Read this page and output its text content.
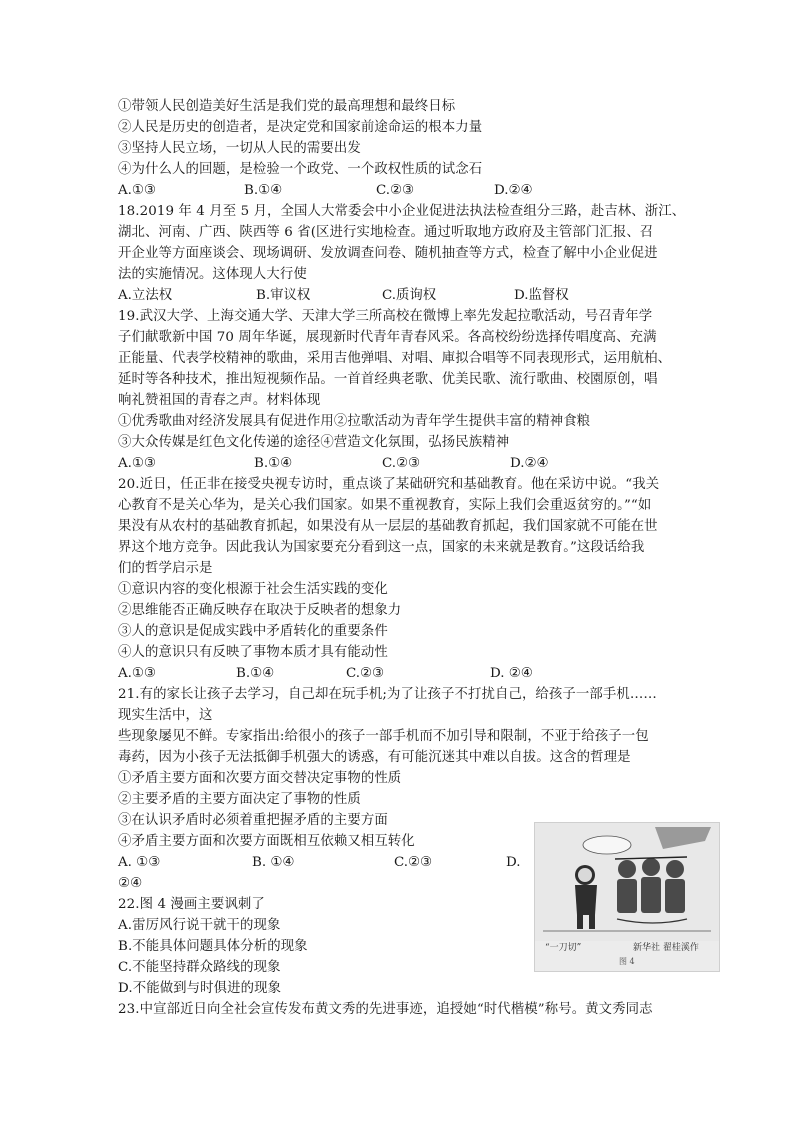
①带领人民创造美好生活是我们党的最高理想和最终日标
②人民是历史的创造者，是决定党和国家前途命运的根本力量
③坚持人民立场，一切从人民的需要出发
④为什么人的回题，是检验一个政党、一个政权性质的试念石
A.①③	B.①④	C.②③	D.②④
18.2019 年 4 月至 5 月，全国人大常委会中小企业促进法执法检查组分三路，赴吉林、浙江、
湖北、河南、广西、陕西等 6 省(区进行实地检查。通过听取地方政府及主管部门汇报、召
开企业等方面座谈会、现场调研、发放调查问卷、随机抽查等方式，检查了解中小企业促进
法的实施情况。这体现人大行使
A.立法权	B.审议权	C.质询权	D.监督权
19.武汉大学、上海交通大学、天津大学三所高校在微博上率先发起拉歌活动，号召青年学
子们献歌新中国 70 周年华诞，展现新时代青年青春风采。各高校纷纷选择传唱度高、充满
正能量、代表学校精神的歌曲，采用吉他弹唱、对唱、庫拟合唱等不同表现形式，运用航柏、
延时等各种技术，推出短视频作品。一首首经典老歌、优美民歌、流行歌曲、校園原创，唱
响礼赞祖国的青春之声。材料体现
①优秀歌曲对经济发展具有促进作用②拉歌活动为青年学生提供丰富的精神食粮
③大众传媒是红色文化传递的途径④营造文化氛围，弘扬民族精神
A.①③	B.①④	C.②③	D.②④
20.近日，任正非在接受央视专访时，重点谈了某础研究和基础教育。他在采访中说。“我关
心教育不是关心华为，是关心我们国家。如果不重视教育，实际上我们会重返贫穷的。”“如
果没有从农村的基础教育抓起，如果没有从一层层的基础教育抓起，我们国家就不可能在世
界这个地方竞争。因此我认为国家要充分看到这一点，国家的未来就是教育。”这段话给我
们的哲学启示是
①意识内容的变化根源于社会生活实践的变化
②思维能否正确反映存在取决于反映者的想象力
③人的意识是促成实践中矛盾转化的重要条件
④人的意识只有反映了事物本质才具有能动性
A.①③	B.①④	C.②③	D. ②④
21.有的家长让孩子去学习，自己却在玩手机;为了让孩子不打扰自己，给孩子一部手机……
现实生活中，这
些现象屡见不鲜。专家指出:给很小的孩子一部手机而不加引导和限制，不亚于给孩子一包
毒药，因为小孩子无法抵御手机强大的诱惑，有可能沉迷其中难以自拔。这含的哲理是
①矛盾主要方面和次要方面交替决定事物的性质
②主要矛盾的主要方面决定了事物的性质
③在认识矛盾时必须着重把握矛盾的主要方面
④矛盾主要方面和次要方面既相互依赖又相互转化
A. ①③	B. ①④	C.②③	D.
②④
22.图 4 漫画主要讽刺了
A.雷厉风行说干就干的现象
B.不能具体问题具体分析的现象
C.不能坚持群众路线的现象
D.不能做到与时俱进的现象
23.中宣部近日向全社会宣传发布黄文秀的先进事迹，追授她“时代楷模”称号。黄文秀同志
“一刀切”	新华社 翟桂溪作
图 4
